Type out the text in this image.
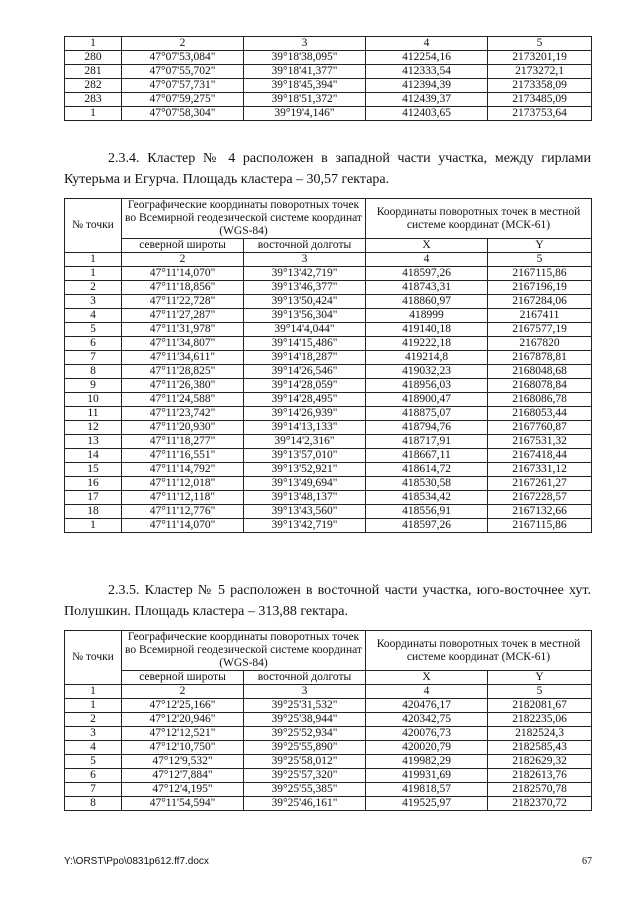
1	2	3	4	5
280	47°07'53,084"	39°18'38,095"	412254,16	2173201,19
281	47°07'55,702"	39°18'41,377"	412333,54	2173272,1
282	47°07'57,731"	39°18'45,394"	412394,39	2173358,09
283	47°07'59,275"	39°18'51,372"	412439,37	2173485,09
1	47°07'58,304"	39°19'4,146"	412403,65	2173753,64
2.3.4. Кластер № 4 расположен в западной части участка, между гирлами Кутерьма и Егурча. Площадь кластера – 30,57 гектара.
№ точки	Географические координаты поворотных точек во Всемирной геодезической системе координат (WGS-84)		Координаты поворотных точек в местной системе координат (МСК-61)	
	северной широты	восточной долготы	X	Y
1	2	3	4	5
1	47°11'14,070"	39°13'42,719"	418597,26	2167115,86
2	47°11'18,856"	39°13'46,377"	418743,31	2167196,19
3	47°11'22,728"	39°13'50,424"	418860,97	2167284,06
4	47°11'27,287"	39°13'56,304"	418999	2167411
5	47°11'31,978"	39°14'4,044"	419140,18	2167577,19
6	47°11'34,807"	39°14'15,486"	419222,18	2167820
7	47°11'34,611"	39°14'18,287"	419214,8	2167878,81
8	47°11'28,825"	39°14'26,546"	419032,23	2168048,68
9	47°11'26,380"	39°14'28,059"	418956,03	2168078,84
10	47°11'24,588"	39°14'28,495"	418900,47	2168086,78
11	47°11'23,742"	39°14'26,939"	418875,07	2168053,44
12	47°11'20,930"	39°14'13,133"	418794,76	2167760,87
13	47°11'18,277"	39°14'2,316"	418717,91	2167531,32
14	47°11'16,551"	39°13'57,010"	418667,11	2167418,44
15	47°11'14,792"	39°13'52,921"	418614,72	2167331,12
16	47°11'12,018"	39°13'49,694"	418530,58	2167261,27
17	47°11'12,118"	39°13'48,137"	418534,42	2167228,57
18	47°11'12,776"	39°13'43,560"	418556,91	2167132,66
1	47°11'14,070"	39°13'42,719"	418597,26	2167115,86
2.3.5. Кластер № 5 расположен в восточной части участка, юго-восточнее хут. Полушкин. Площадь кластера – 313,88 гектара.
№ точки	Географические координаты поворотных точек во Всемирной геодезической системе координат (WGS-84)		Координаты поворотных точек в местной системе координат (МСК-61)	
	северной широты	восточной долготы	X	Y
1	2	3	4	5
1	47°12'25,166"	39°25'31,532"	420476,17	2182081,67
2	47°12'20,946"	39°25'38,944"	420342,75	2182235,06
3	47°12'12,521"	39°25'52,934"	420076,73	2182524,3
4	47°12'10,750"	39°25'55,890"	420020,79	2182585,43
5	47°12'9,532"	39°25'58,012"	419982,29	2182629,32
6	47°12'7,884"	39°25'57,320"	419931,69	2182613,76
7	47°12'4,195"	39°25'55,385"	419818,57	2182570,78
8	47°11'54,594"	39°25'46,161"	419525,97	2182370,72
Y:\ORST\Ppo\0831p612.ff7.docx	67
